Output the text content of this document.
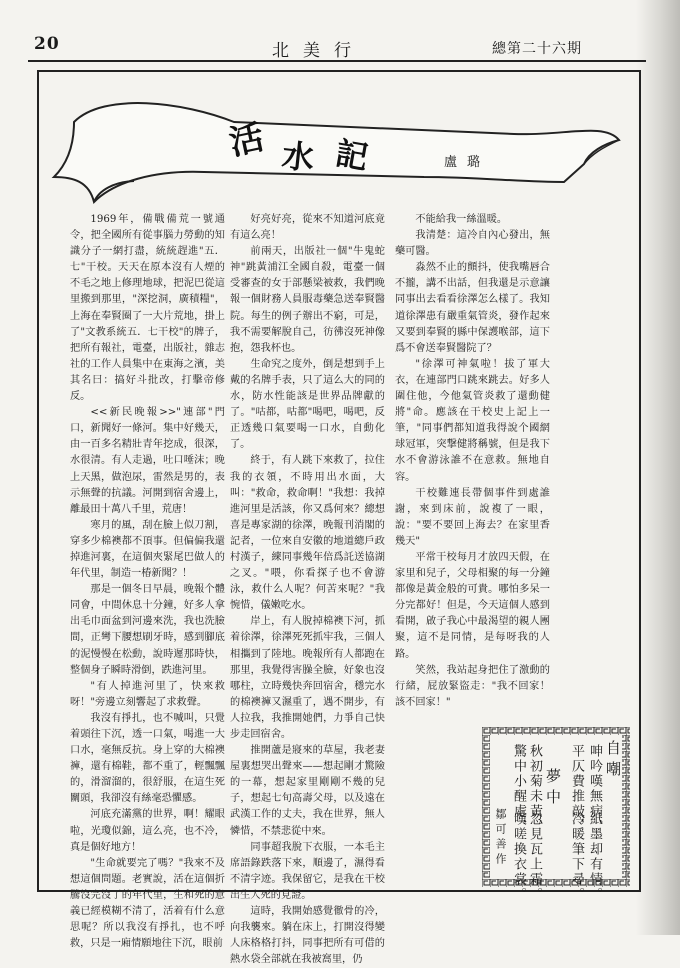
20	北美行	總第二十六期
活 水 記	盧璐

1969年，備戰備荒一號通令，把全國所有從事腦力勞動的知識分子一網打盡，統統趕進"五．七"干校。天天在原本沒有人煙的不毛之地上修理地球，把泥巴從這里搬到那里，"深挖洞，廣積糧"，上海在奉賢圈了一大片荒地，掛上了"文教系統五．七干校"的牌子，把所有報社，電臺，出版社，雜志社的工作人員集中在東海之濱，美其名曰：搞好斗批改，打擊帝修反。

<<新民晚報>>"連部"門口，新聞好一條河。集中好幾天，由一百多名精壯青年挖成，很深，水很清。有人走過，吐口唾沫；晚上天黑，做泡尿，雷然是男的，表示無聲的抗議。河開到宿舍邊上，離最田十萬八千里，荒唐！

寒月的風，刮在臉上似刀割，穿多少棉襖都不頂事。但偏偏我還掉進河裏，在這個夾緊尾巴做人的年代里，制造一椿新聞？！

那是一個冬日早晨，晚報个體同會，中間休息十分鐘，好多人拿出毛巾面盆到河邊來洗，我也洗臉間，正彎下腰想刷牙時，感到腳底的泥慢慢在松動，說時遲那時快，整個身子瞬時滑倒，跌進河里。

"有人掉進河里了，快來救呀！"旁邊立刻響起了求救聲。

我沒有掙扎，也不喊叫，只覺着頭往下沉，透一口氣，喝進一大口水，毫無反抗。身上穿的大棉襖褲，還有棉鞋，都不重了，輕飄飄的，滑溜溜的，很舒服，在這生死關頭，我卻沒有絲毫恐懼感。

河底充滿黨的世界，啊！耀眼啦，光瓊似錦，這么亮，也不冷，真是個好地方！

"生命就要完了嗎？"我來不及想這個問題。老實說，活在這個折騰沒完沒了的年代里，生和死的意義已經模糊不清了，活着有什么意思呢？所以我沒有掙扎，也不呼救，只是一廂情願地往下沉，眼前

好亮好亮，從來不知道河底竟有這么亮！

前兩天，出版社一個"牛鬼蛇神"跳黃浦江全國自殺，電臺一個受審查的女于部懸梁被救，我們晚報一個財務人員服毒藥急送奉賢醫院。每生的例子辦出不窮，可是，我不需要解脫自己，彷彿沒死神像抱，怨我杯也。

生命究之度外，倒是想到手上戴的名牌手表，只了這么大的同的水，防水性能該是世界品牌獻的了。"咕都，咕都"喝吧，喝吧，反正透幾口氣要喝一口水，自動化了。

終于，有人跳下來救了，拉住我的衣領，不時用出水面，大叫："救命，救命啊！"我想：我掉進河里是活該，你又爲何來？總想喜是專家湖的徐澤，晚報刊消閣的記者，一位來自安徽的地道總戶政村漢子，練同事幾年倍爲託送協湖之叉。"喂，你看探子也不會游泳，救什么人呢？何苦來呢？"我惋惜，儀嫩吃水。

岸上，有人脫掉棉襖下河，抓着徐澤，徐澤死死抓牢我，三個人相攜到了陸地。晚報所有人都跑在那里，我覺得害臊全臉，好象也沒哪柱，立時幾快奔回宿舍，穩完水的棉襖褲又濕重了，遇不開步，有人拉我，我推開她們，力爭自己快步走回宿舍。

推開蘆是寢來的草屋，我老妻屋裏想哭出聲來——想起剛才驚險的一幕，想起家里剛剛不幾的兒子，想起七旬高壽父母，以及遠在武漢工作的丈夫，我在世界，無人憐惜，不禁悲從中來。

同事超我脫下衣服，一本毛主席語錄跌落下來，順邊了，濕得看不清字迹。我保留它，是我在干校出生人死的見證。

這時，我開始感覺徹骨的冷，向我襲來。躺在床上，打開沒得變人床格格打抖，同事把所有可借的熱水袋全部就在我被窩里，仍

不能給我一絲溫暖。

我清楚：這冷自內心發出，無藥可醫。

淼然不止的顫抖，使我嘴唇合不攏，講不出話，但我還是示意讓同事出去看看徐澤怎么樣了。我知道徐澤患有嚴重氣管炎，發作起來又要到奉賢的縣中保護喉部，這下爲不會送奉賢醫院了？

"徐澤可神氣啦！拔了軍大衣，在連部門口跳來跳去。好多人圍住他，今他氣管炎救了還動健將"命。應該在干校史上記上一筆，"同事們都知道我得說个國網球冠軍，突撃健將稱號，但是我下水不會游泳誰不在意救。無地自容。

干校難連長帶個事件到處誰謝，來到床前，說複了一眼，說："要不要回上海去？在家里香幾天"

平常干校每月才放四天假，在家里和兒子，父母相聚的每一分鐘都像是黃金般的可貴。哪怕多呆一分完都好！但是，今天這個人感到看開，啟子我心中最渴望的親人團聚，這不是同情，是每呀我的人路。

笑然，我站起身把住了激動的行緒，屁放緊盜走："我不回家！該不回家！"

自嘲
呻吟嘆無病，
紙墨却有情。
平仄費推敲，
冷暖筆下尋。
夢中
秋初菊未黃，
忽見瓦上霜。
驚中小醒處，
嘆嗟換衣裳。
鄒可善作
